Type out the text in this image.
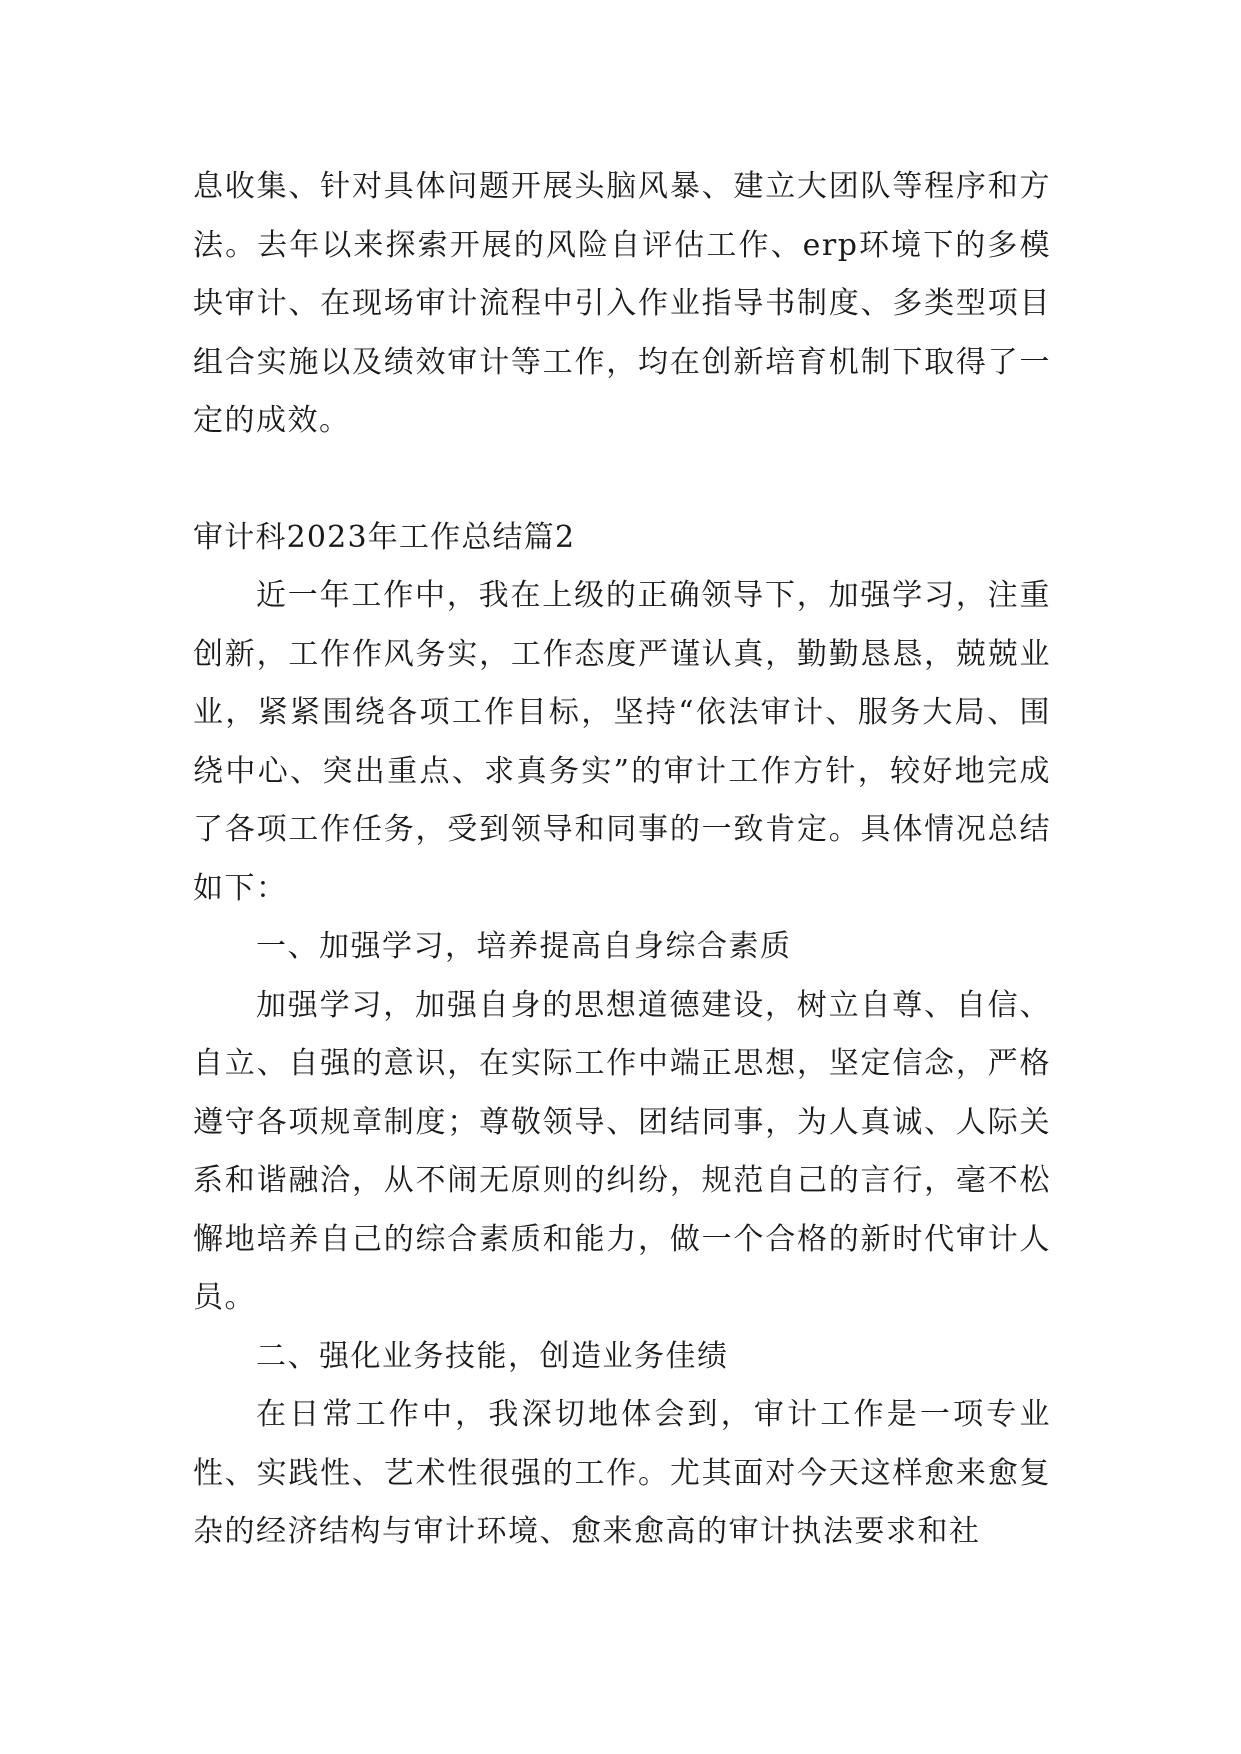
息收集、针对具体问题开展头脑风暴、建立大团队等程序和方法。去年以来探索开展的风险自评估工作、erp环境下的多模块审计、在现场审计流程中引入作业指导书制度、多类型项目组合实施以及绩效审计等工作，均在创新培育机制下取得了一定的成效。

审计科2023年工作总结篇2

近一年工作中，我在上级的正确领导下，加强学习，注重创新，工作作风务实，工作态度严谨认真，勤勤恳恳，兢兢业业，紧紧围绕各项工作目标，坚持“依法审计、服务大局、围绕中心、突出重点、求真务实”的审计工作方针，较好地完成了各项工作任务，受到领导和同事的一致肯定。具体情况总结如下：

一、加强学习，培养提高自身综合素质

加强学习，加强自身的思想道德建设，树立自尊、自信、自立、自强的意识，在实际工作中端正思想，坚定信念，严格遵守各项规章制度；尊敬领导、团结同事，为人真诚、人际关系和谐融洽，从不闹无原则的纠纷，规范自己的言行，毫不松懈地培养自己的综合素质和能力，做一个合格的新时代审计人员。

二、强化业务技能，创造业务佳绩

在日常工作中，我深切地体会到，审计工作是一项专业性、实践性、艺术性很强的工作。尤其面对今天这样愈来愈复杂的经济结构与审计环境、愈来愈高的审计执法要求和社
